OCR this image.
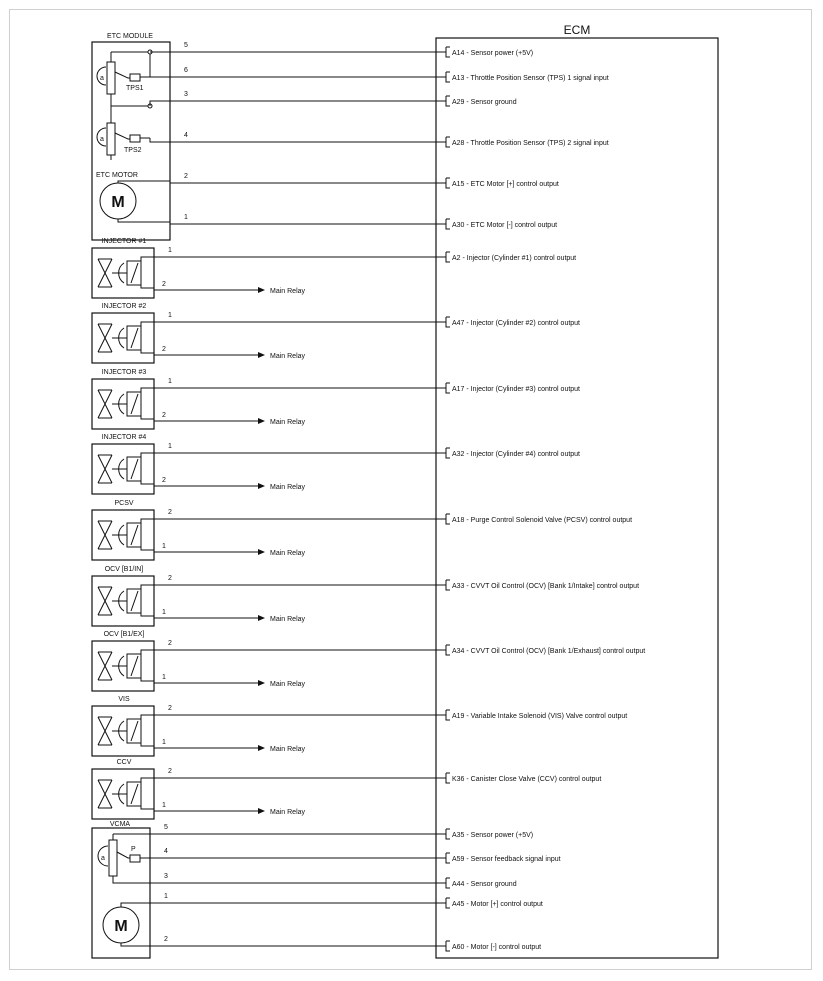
ECM
ETC MODULE
a
TPS1
a
TPS2
ETC MOTOR
M
5
A14 - Sensor power (+5V)
6
A13 - Throttle Position Sensor (TPS) 1 signal input
3
A29 - Sensor ground
4
A28 - Throttle Position Sensor (TPS) 2 signal input
2
A15 - ETC Motor [+] control output
1
A30 - ETC Motor [-] control output
INJECTOR #1
1
A2 - Injector (Cylinder #1) control output
2
Main Relay
INJECTOR #2
1
A47 - Injector (Cylinder #2) control output
2
Main Relay
INJECTOR #3
1
A17 - Injector (Cylinder #3) control output
2
Main Relay
INJECTOR #4
1
A32 - Injector (Cylinder #4) control output
2
Main Relay
PCSV
2
A18 - Purge Control Solenoid Valve (PCSV) control output
1
Main Relay
OCV [B1/IN]
2
A33 - CVVT Oil Control (OCV) [Bank 1/Intake] control output
1
Main Relay
OCV [B1/EX]
2
A34 - CVVT Oil Control (OCV) [Bank 1/Exhaust] control output
1
Main Relay
VIS
2
A19 - Variable Intake Solenoid (VIS) Valve control output
1
Main Relay
CCV
2
K36 - Canister Close Valve (CCV) control output
1
Main Relay
VCMA
a
P
M
5
A35 - Sensor power (+5V)
4
A59 - Sensor feedback signal input
3
A44 - Sensor ground
1
A45 - Motor [+] control output
2
A60 - Motor [-] control output
